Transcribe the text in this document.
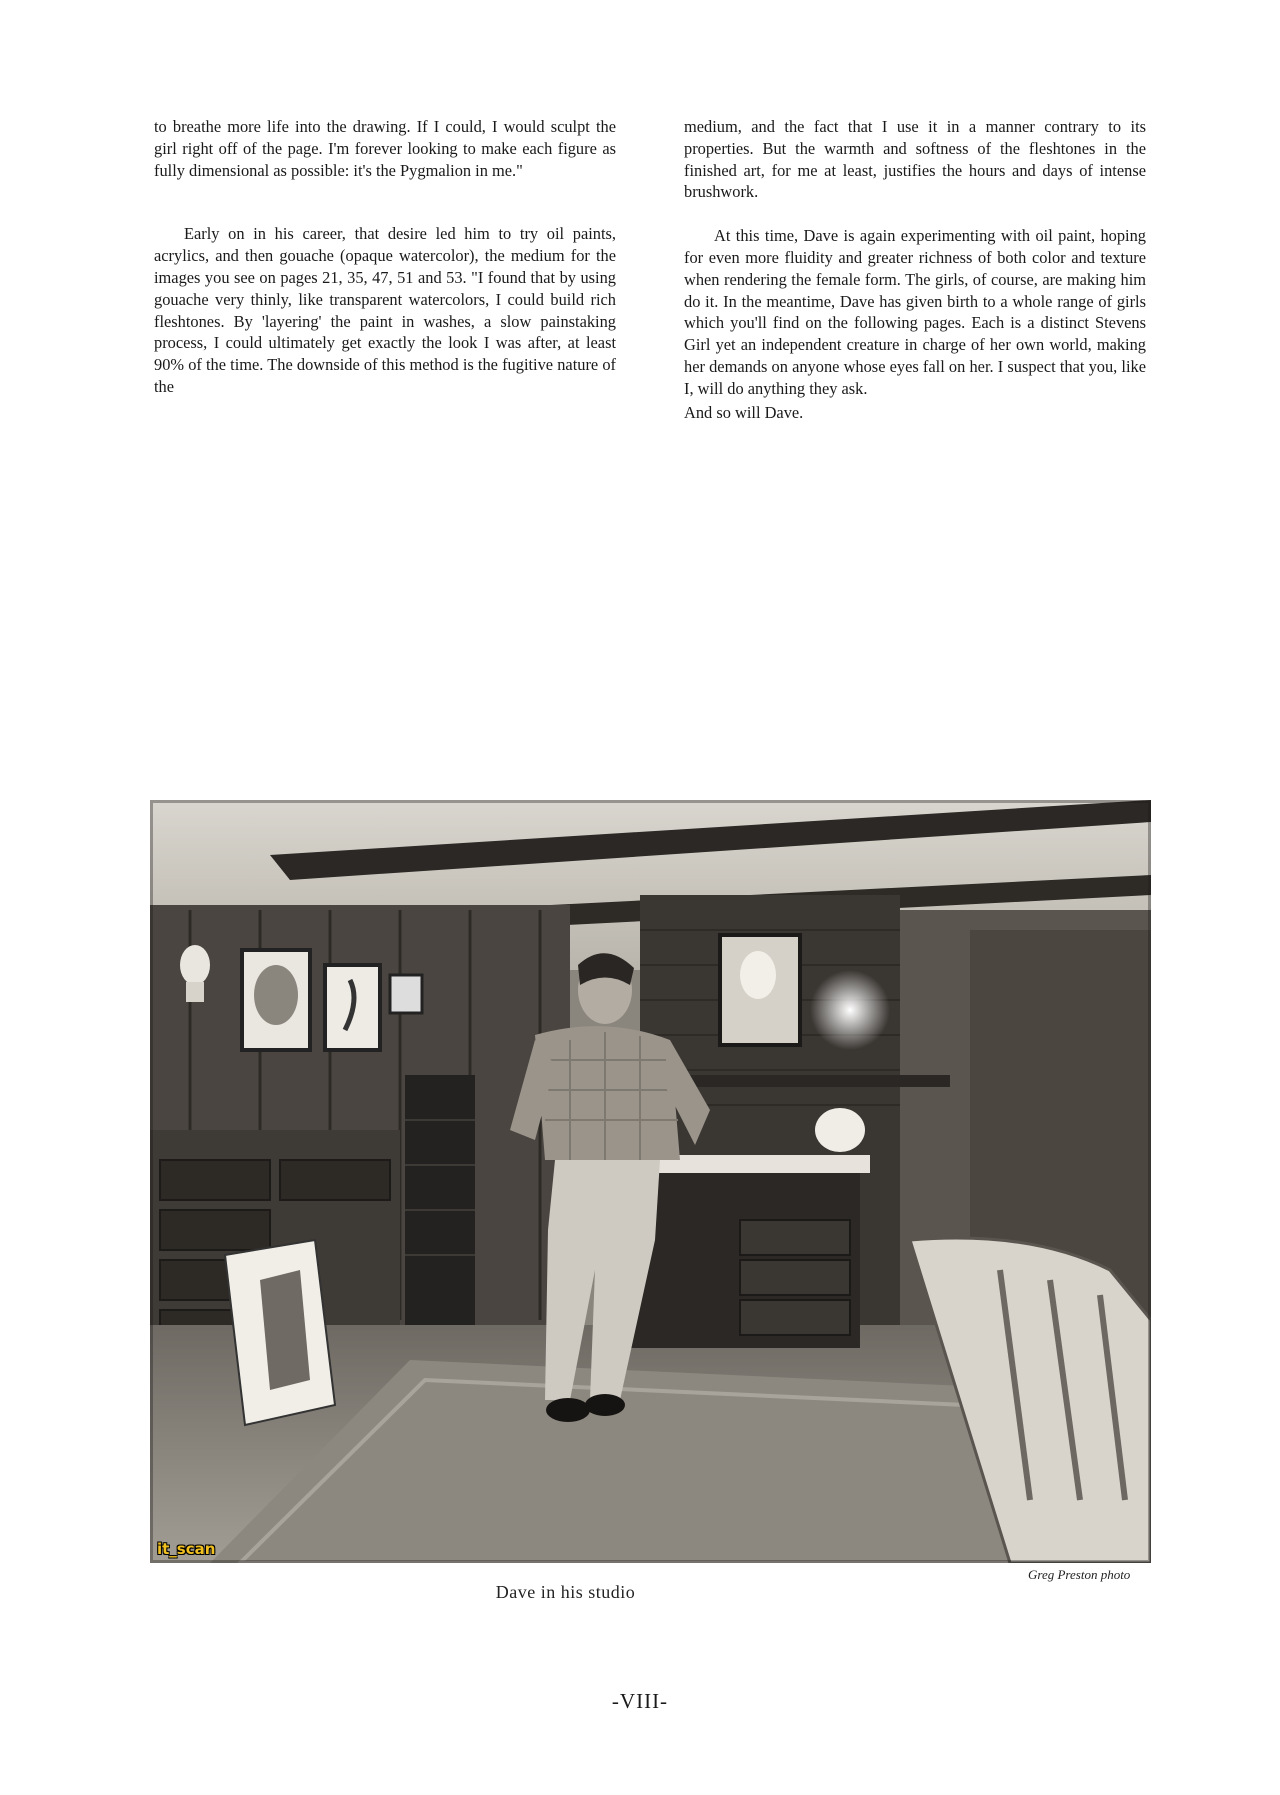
to breathe more life into the drawing. If I could, I would sculpt the girl right off of the page. I'm forever looking to make each figure as fully dimensional as possible: it's the Pygmalion in me."

Early on in his career, that desire led him to try oil paints, acrylics, and then gouache (opaque watercolor), the medium for the images you see on pages 21, 35, 47, 51 and 53. "I found that by using gouache very thinly, like transparent watercolors, I could build rich fleshtones. By 'layering' the paint in washes, a slow painstaking process, I could ultimately get exactly the look I was after, at least 90% of the time. The downside of this method is the fugitive nature of the

medium, and the fact that I use it in a manner contrary to its properties. But the warmth and softness of the fleshtones in the finished art, for me at least, justifies the hours and days of intense brushwork.

At this time, Dave is again experimenting with oil paint, hoping for even more fluidity and greater richness of both color and texture when rendering the female form. The girls, of course, are making him do it. In the meantime, Dave has given birth to a whole range of girls which you'll find on the following pages. Each is a distinct Stevens Girl yet an independent creature in charge of her own world, making her demands on anyone whose eyes fall on her. I suspect that you, like I, will do anything they ask.

And so will Dave.

it_scan
Greg Preston photo
Dave in his studio
-VIII-
